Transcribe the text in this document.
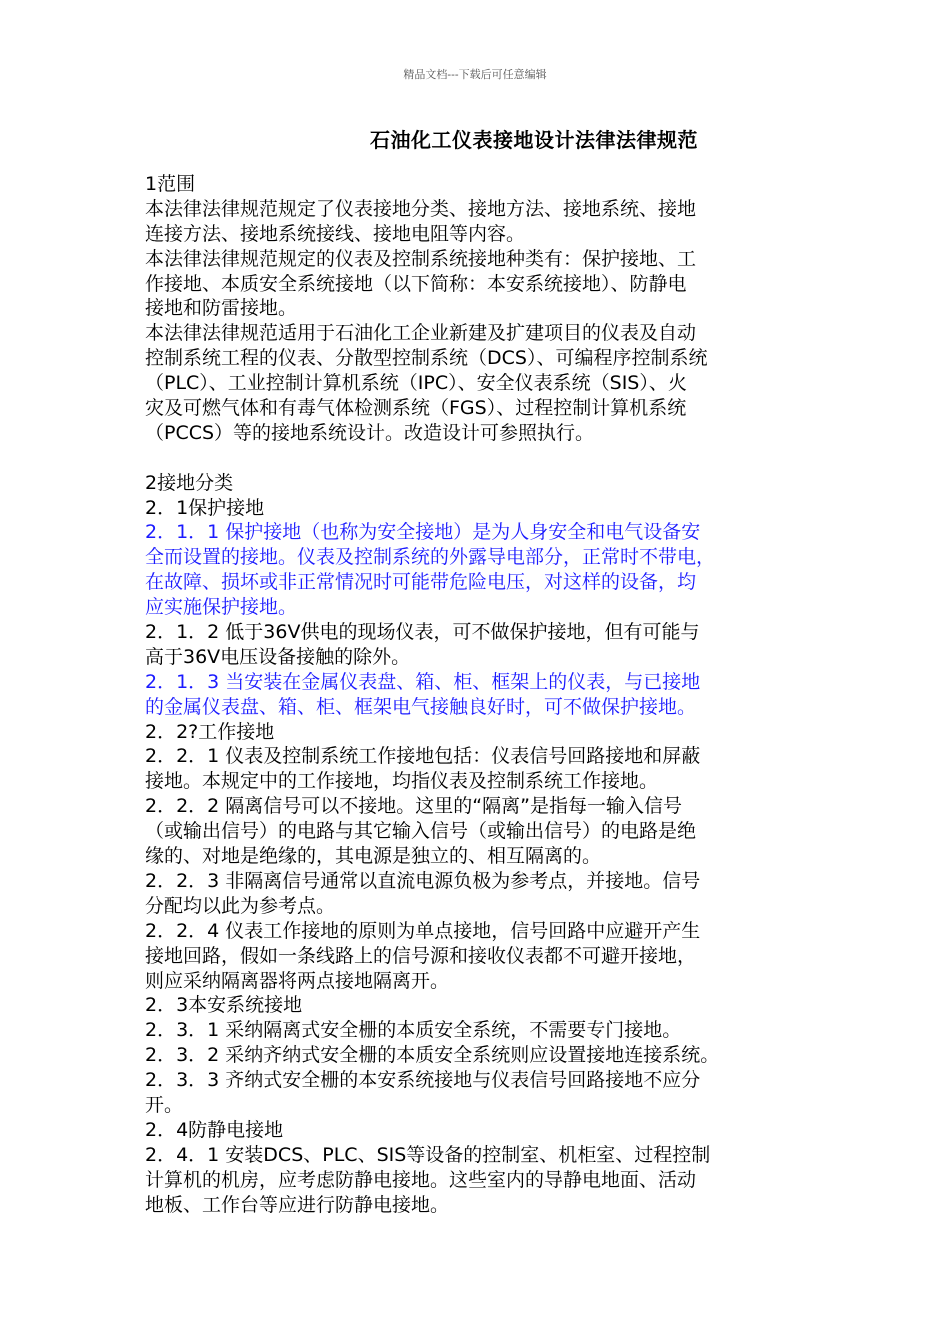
精品文档---下载后可任意编辑
石油化工仪表接地设计法律法律规范
1范围
本法律法律规范规定了仪表接地分类、接地方法、接地系统、接地
连接方法、接地系统接线、接地电阻等内容。
本法律法律规范规定的仪表及控制系统接地种类有：保护接地、工
作接地、本质安全系统接地（以下简称：本安系统接地）、防静电
接地和防雷接地。
本法律法律规范适用于石油化工企业新建及扩建项目的仪表及自动
控制系统工程的仪表、分散型控制系统（DCS）、可编程序控制系统
（PLC）、工业控制计算机系统（IPC）、安全仪表系统（SIS）、火
灾及可燃气体和有毒气体检测系统（FGS）、过程控制计算机系统
（PCCS）等的接地系统设计。改造设计可参照执行。
2接地分类
2．1保护接地
2．1．1 保护接地（也称为安全接地）是为人身安全和电气设备安
全而设置的接地。仪表及控制系统的外露导电部分，正常时不带电，
在故障、损坏或非正常情况时可能带危险电压，对这样的设备，均
应实施保护接地。
2．1．2 低于36V供电的现场仪表，可不做保护接地，但有可能与
高于36V电压设备接触的除外。
2．1．3 当安装在金属仪表盘、箱、柜、框架上的仪表，与已接地
的金属仪表盘、箱、柜、框架电气接触良好时，可不做保护接地。
2．2?工作接地
2．2．1 仪表及控制系统工作接地包括：仪表信号回路接地和屏蔽
接地。本规定中的工作接地，均指仪表及控制系统工作接地。
2．2．2 隔离信号可以不接地。这里的“隔离”是指每一输入信号
（或输出信号）的电路与其它输入信号（或输出信号）的电路是绝
缘的、对地是绝缘的，其电源是独立的、相互隔离的。
2．2．3 非隔离信号通常以直流电源负极为参考点，并接地。信号
分配均以此为参考点。
2．2．4 仪表工作接地的原则为单点接地，信号回路中应避开产生
接地回路，假如一条线路上的信号源和接收仪表都不可避开接地，
则应采纳隔离器将两点接地隔离开。
2．3本安系统接地
2．3．1 采纳隔离式安全栅的本质安全系统，不需要专门接地。
2．3．2 采纳齐纳式安全栅的本质安全系统则应设置接地连接系统。
2．3．3 齐纳式安全栅的本安系统接地与仪表信号回路接地不应分
开。
2．4防静电接地
2．4．1 安装DCS、PLC、SIS等设备的控制室、机柜室、过程控制
计算机的机房，应考虑防静电接地。这些室内的导静电地面、活动
地板、工作台等应进行防静电接地。
